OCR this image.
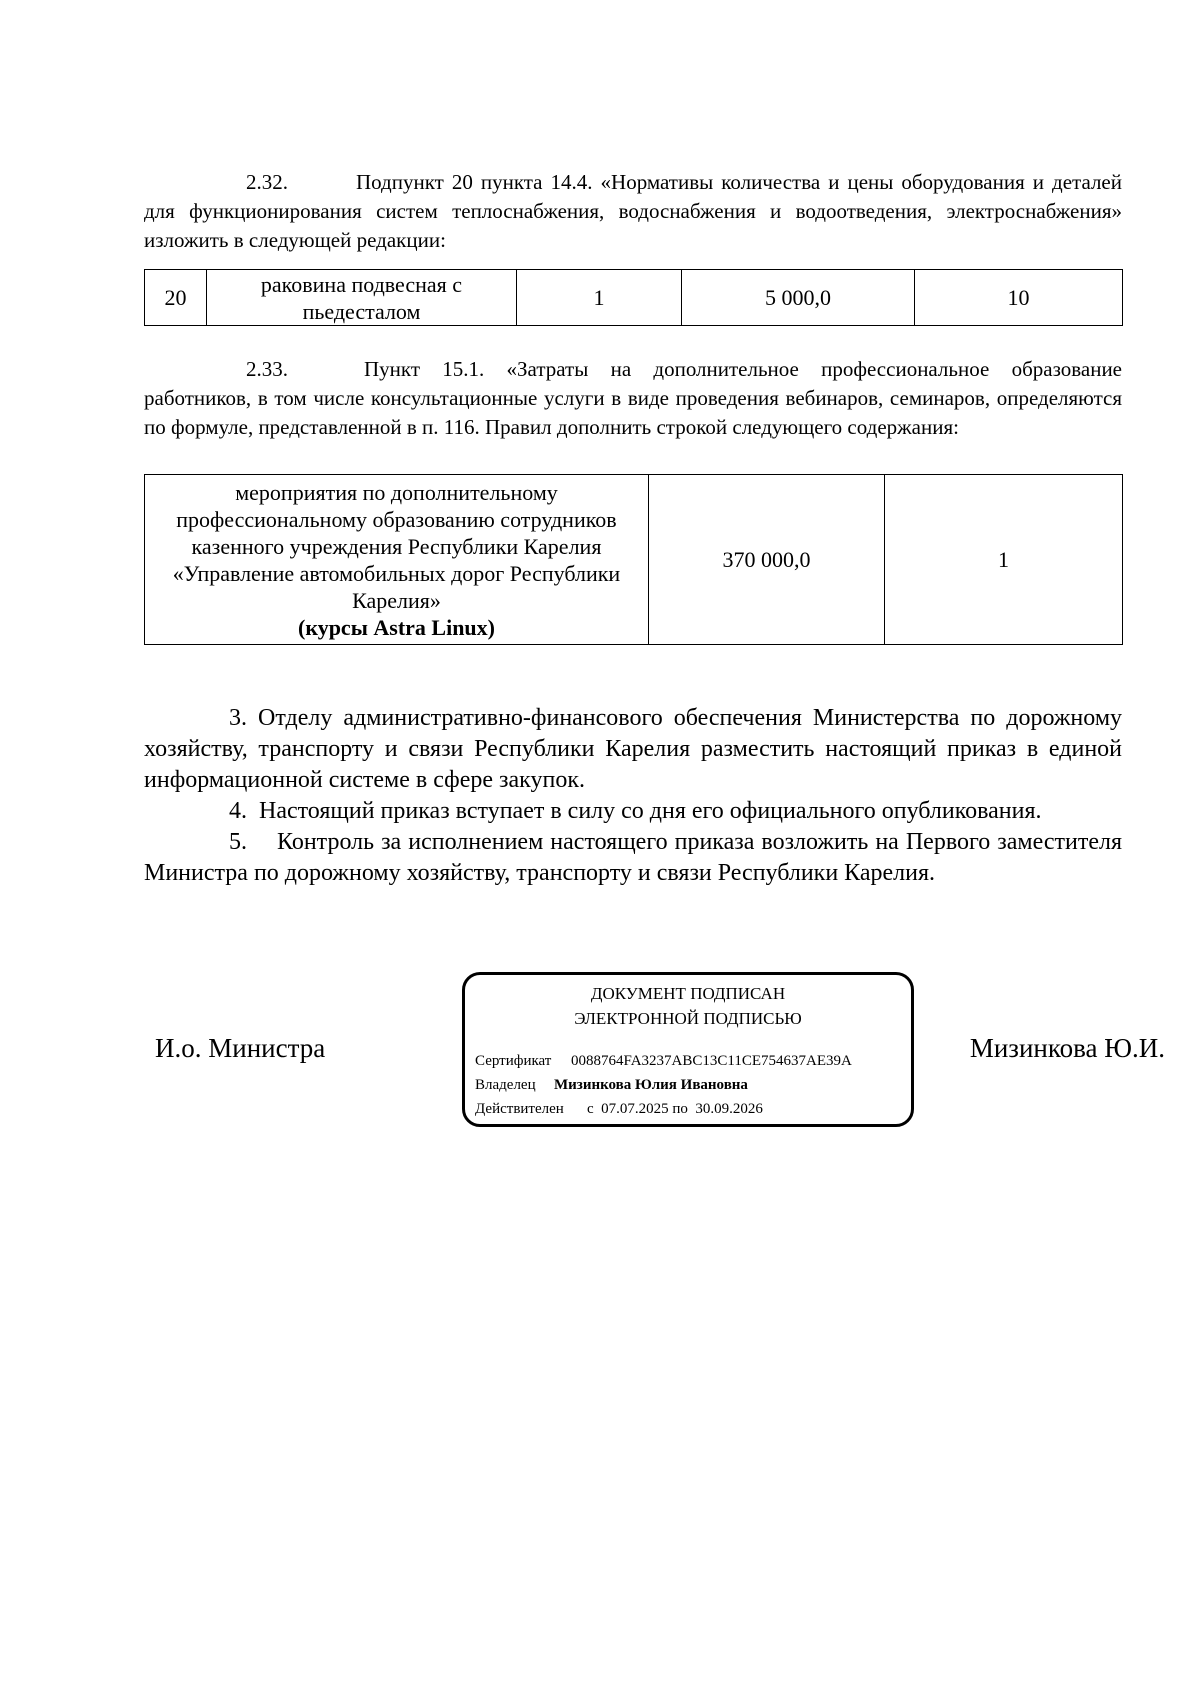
2.32.	Подпункт 20 пункта 14.4. «Нормативы количества и цены оборудования и деталей для функционирования систем теплоснабжения, водоснабжения и водоотведения, электроснабжения» изложить в следующей редакции:

20	раковина подвесная с пьедесталом	1	5 000,0	10

2.33.	Пункт 15.1. «Затраты на дополнительное профессиональное образование работников, в том числе консультационные услуги в виде проведения вебинаров, семинаров, определяются по формуле, представленной в п. 116. Правил дополнить строкой следующего содержания:

мероприятия по дополнительному профессиональному образованию сотрудников казенного учреждения Республики Карелия «Управление автомобильных дорог Республики Карелия»
(курсы Astra Linux)	370 000,0	1

3. Отделу административно-финансового обеспечения Министерства по дорожному хозяйству, транспорту и связи Республики Карелия разместить настоящий приказ в единой информационной системе в сфере закупок.

4. Настоящий приказ вступает в силу со дня его официального опубликования.

5. Контроль за исполнением настоящего приказа возложить на Первого заместителя Министра по дорожному хозяйству, транспорту и связи Республики Карелия.

И.о. Министра
ДОКУМЕНТ ПОДПИСАН
ЭЛЕКТРОННОЙ ПОДПИСЬЮ
Сертификат 0088764FA3237ABC13C11CE754637AE39A
Владелец Мизинкова Юлия Ивановна
Действителен с  07.07.2025 по  30.09.2026
Мизинкова Ю.И.
